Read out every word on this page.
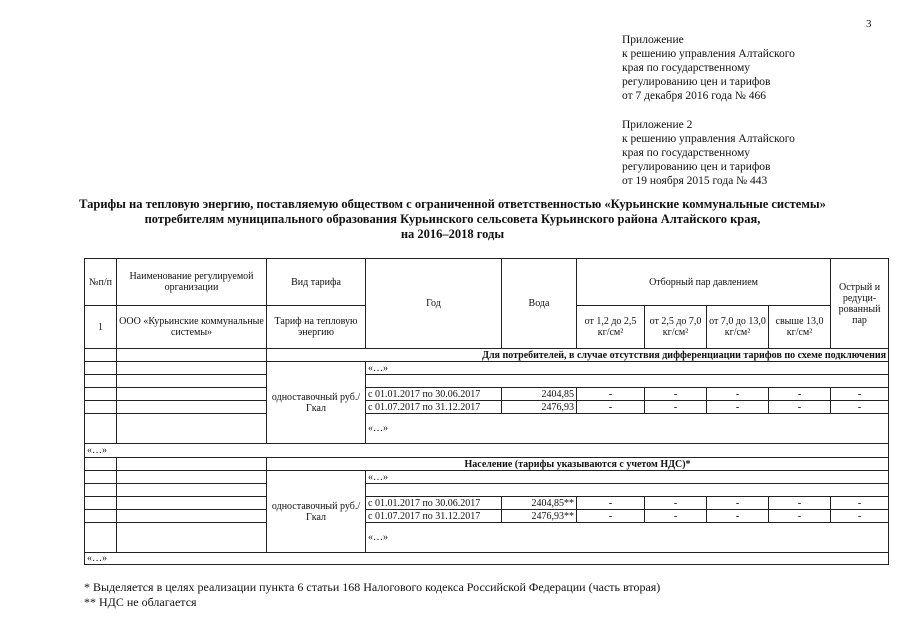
3
Приложение
к решению управления Алтайского
края по государственному
регулированию цен и тарифов
от 7 декабря 2016 года № 466
Приложение 2
к решению управления Алтайского
края по государственному
регулированию цен и тарифов
от 19 ноября 2015 года № 443
Тарифы на тепловую энергию, поставляемую обществом с ограниченной ответственностью «Курьинские коммунальные системы»
потребителям муниципального образования Курьинского сельсовета Курьинского района Алтайского края,
на 2016–2018 годы
№п/п	Наименование регулируемой организации	Вид тарифа	Год	Вода	Отборный пар давлением				Острый и редуци-рованный пар
1	ООО «Курьинские коммунальные системы»	Тариф на тепловую энергию			от 1,2 до 2,5 кг/см²	от 2,5 до 7,0 кг/см²	от 7,0 до 13,0 кг/см²	свыше 13,0 кг/см²	
		Для потребителей, в случае отсутствия дифференциации тарифов по схеме подключения							
		одноставочный руб./Гкал	«…»						

			с 01.01.2017 по 30.06.2017	2404,85	-	-	-	-	-
			с 01.07.2017 по 31.12.2017	2476,93	-	-	-	-	-
			«…»						
«…»									
		Население (тарифы указываются с учетом НДС)*							
		одноставочный руб./Гкал	«…»						

			с 01.01.2017 по 30.06.2017	2404,85**	-	-	-	-	-
			с 01.07.2017 по 31.12.2017	2476,93**	-	-	-	-	-
			«…»						
«…»									
* Выделяется в целях реализации пункта 6 статьи 168 Налогового кодекса Российской Федерации (часть вторая)
** НДС не облагается
